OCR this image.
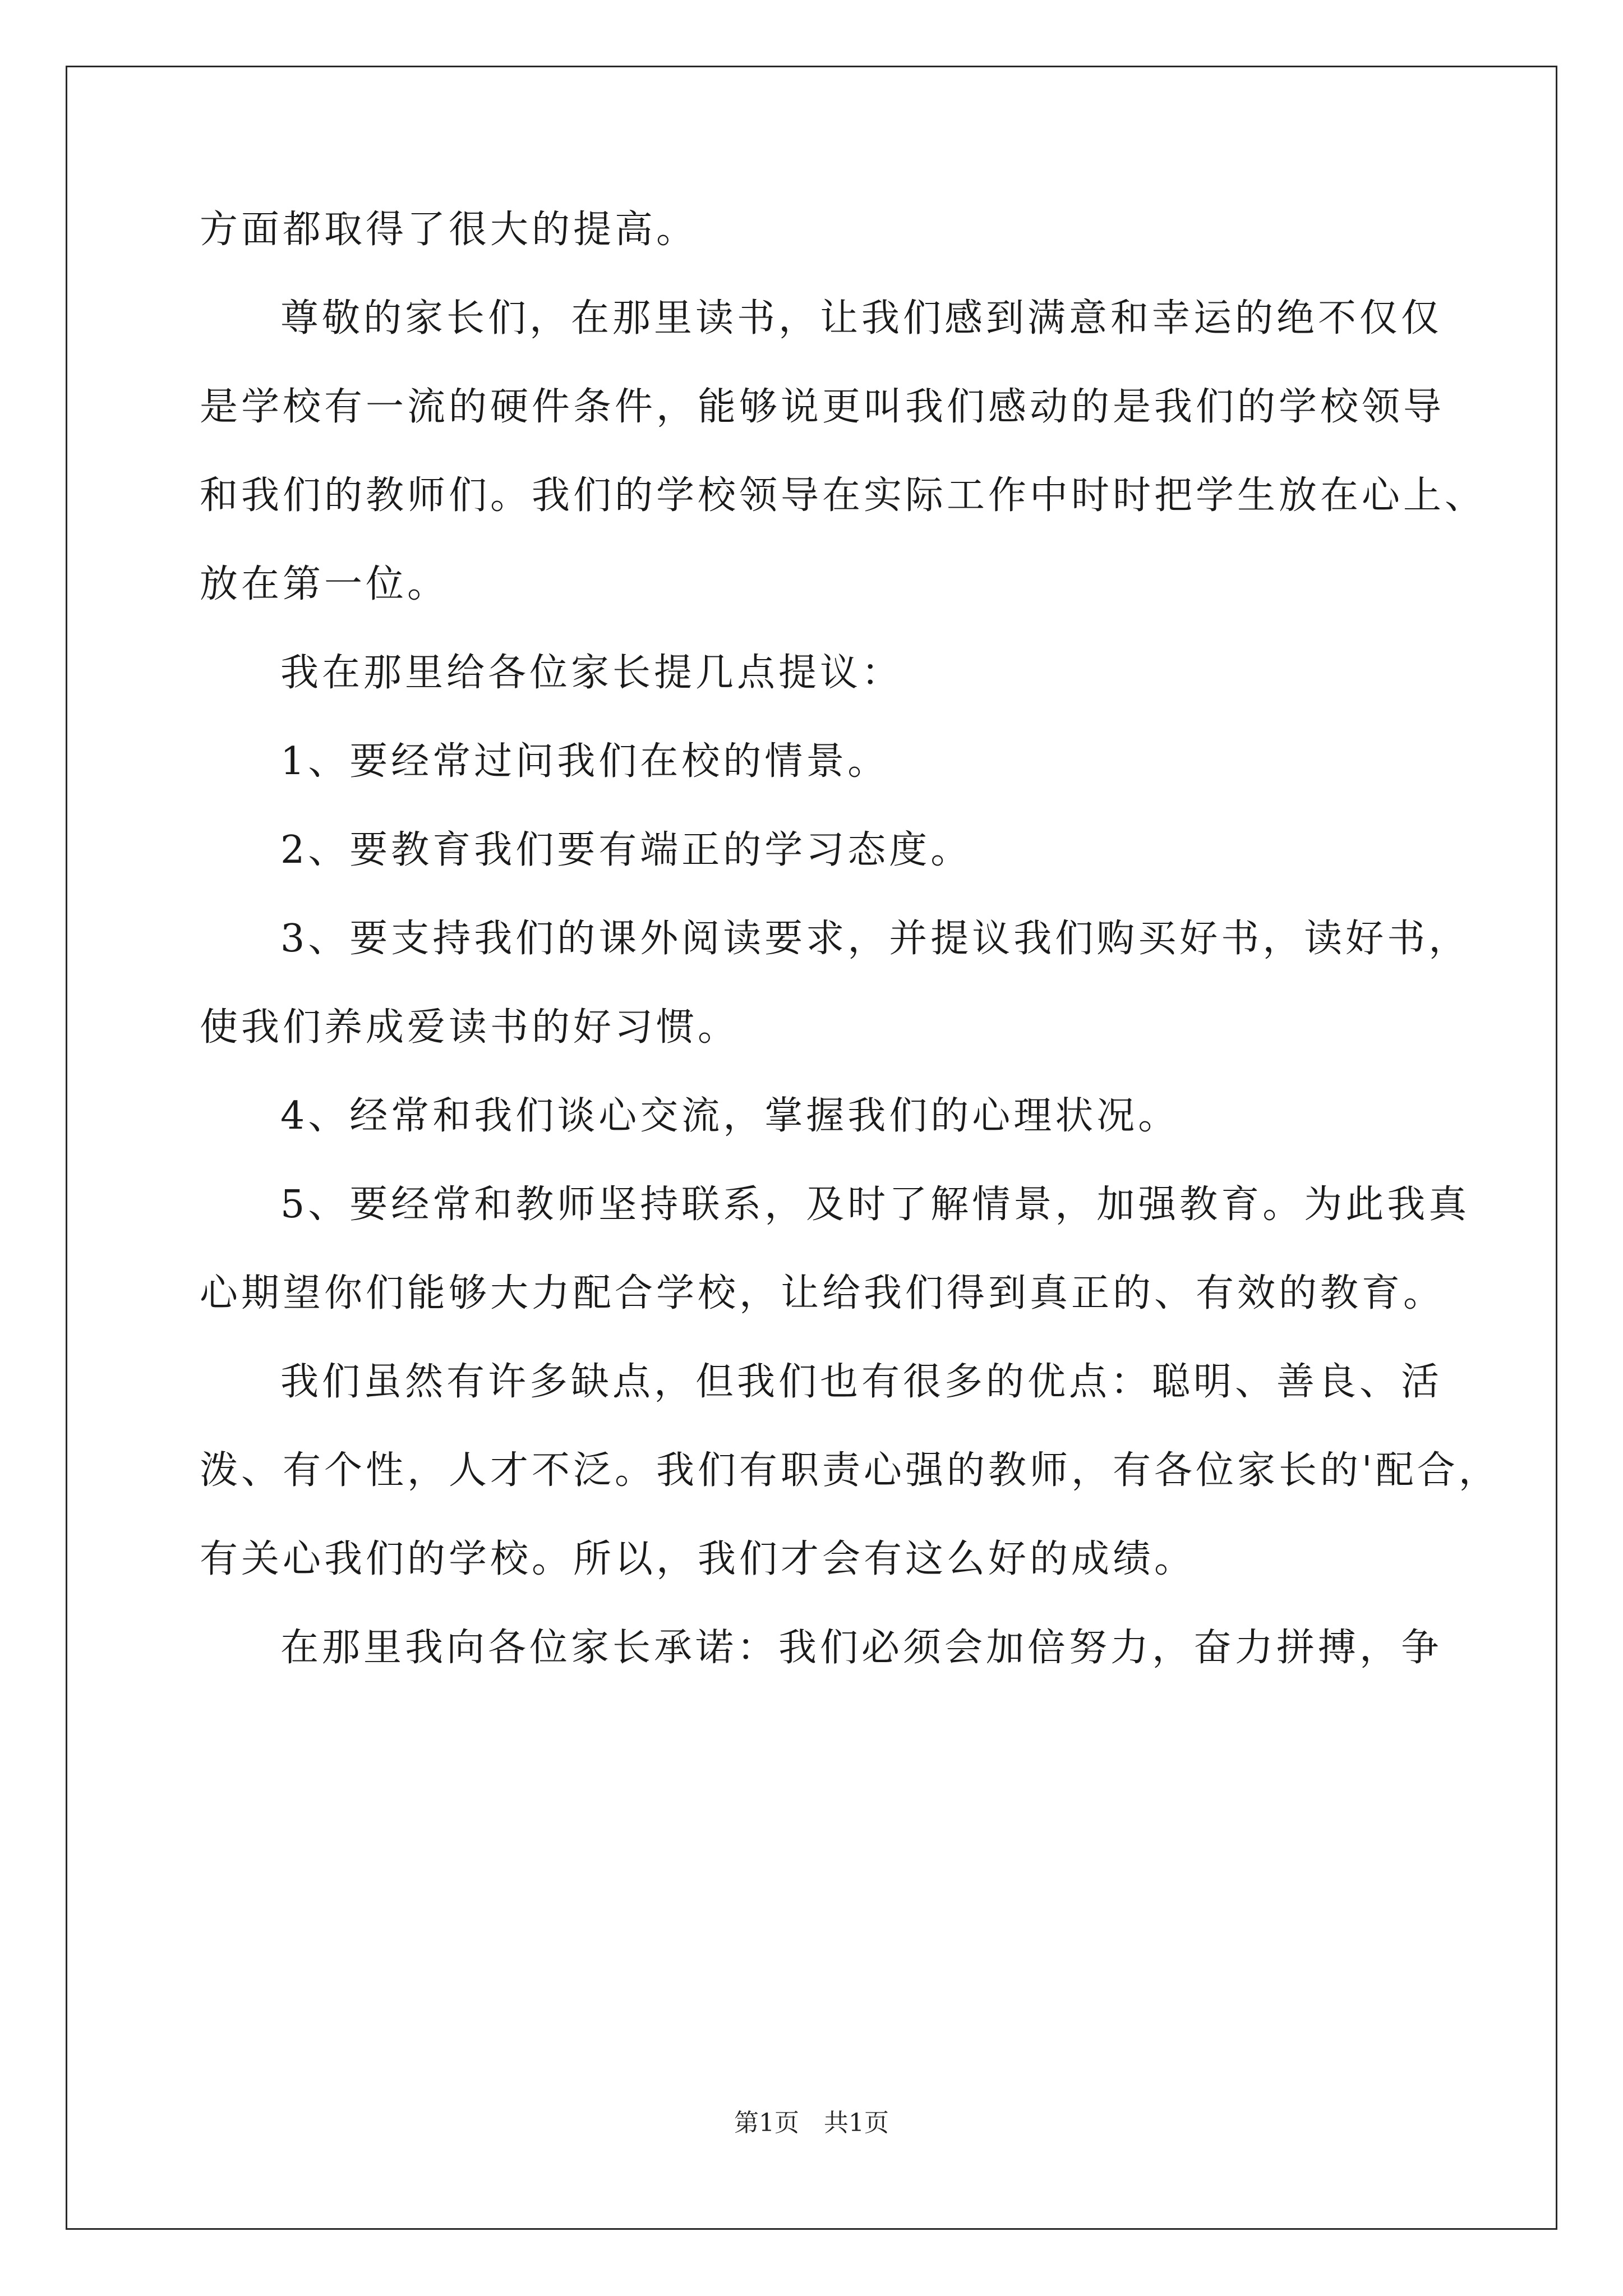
方面都取得了很大的提高。
尊敬的家长们，在那里读书，让我们感到满意和幸运的绝不仅仅
是学校有一流的硬件条件，能够说更叫我们感动的是我们的学校领导
和我们的教师们。我们的学校领导在实际工作中时时把学生放在心上、
放在第一位。
我在那里给各位家长提几点提议：
1、要经常过问我们在校的情景。
2、要教育我们要有端正的学习态度。
3、要支持我们的课外阅读要求，并提议我们购买好书，读好书，
使我们养成爱读书的好习惯。
4、经常和我们谈心交流，掌握我们的心理状况。
5、要经常和教师坚持联系，及时了解情景，加强教育。为此我真
心期望你们能够大力配合学校，让给我们得到真正的、有效的教育。
我们虽然有许多缺点，但我们也有很多的优点：聪明、善良、活
泼、有个性，人才不泛。我们有职责心强的教师，有各位家长的'配合，
有关心我们的学校。所以，我们才会有这么好的成绩。
在那里我向各位家长承诺：我们必须会加倍努力，奋力拼搏，争
第1页　共1页
